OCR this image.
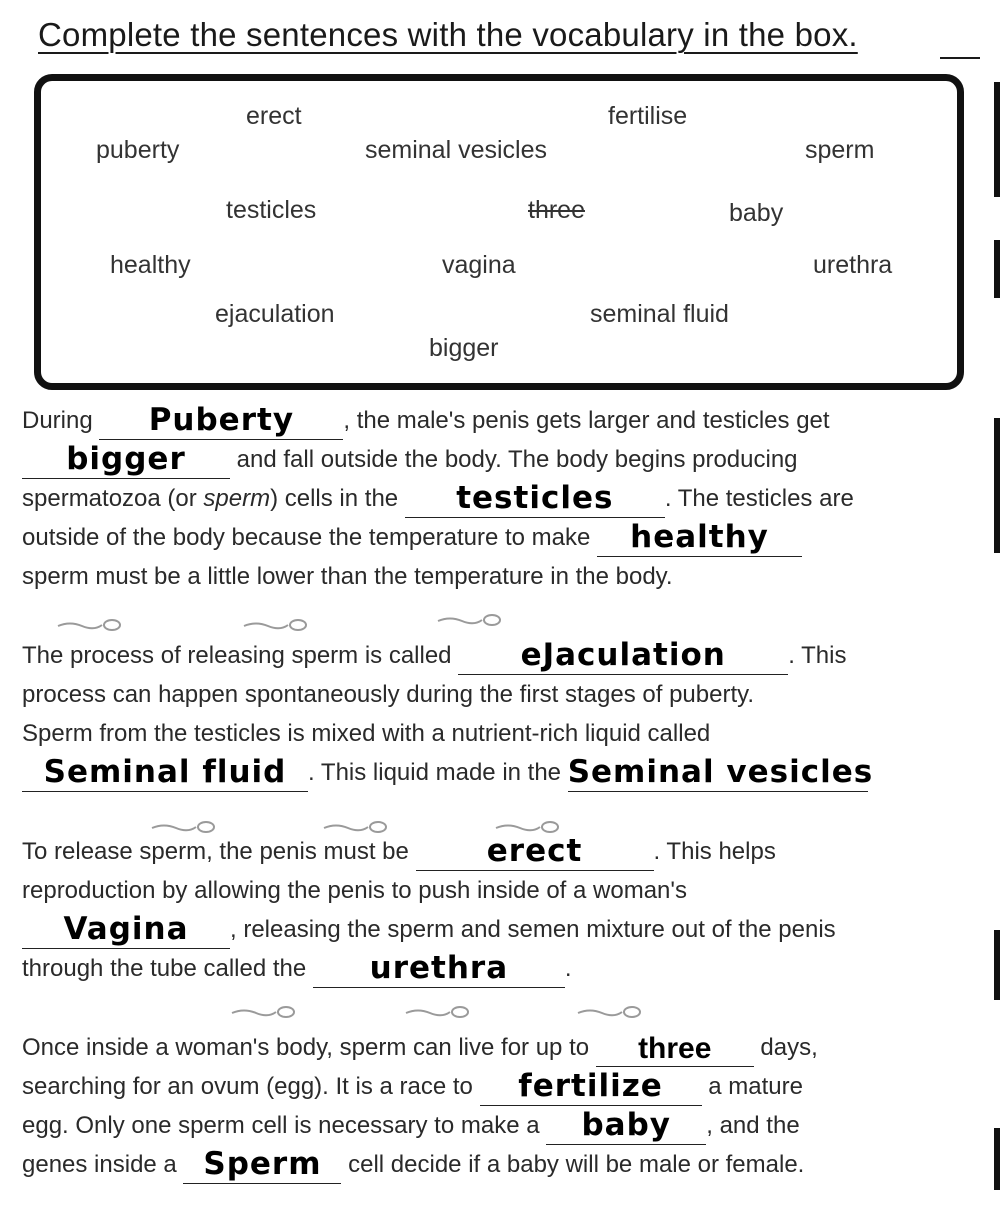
Complete the sentences with the vocabulary in the box.
erect	fertilise
puberty	seminal vesicles	sperm
testicles	three	baby
healthy	vagina	urethra
ejaculation	seminal fluid
bigger
During	Puberty	, the male's penis gets larger and testicles get
bigger	and fall outside the body. The body begins producing
spermatozoa (or sperm) cells in the	testicles	. The testicles are
outside of the body because the temperature to make	healthy
sperm must be a little lower than the temperature in the body.
The process of releasing sperm is called	eJaculation	. This
process can happen spontaneously during the first stages of puberty.
Sperm from the testicles is mixed with a nutrient-rich liquid called
Seminal fluid . This liquid made in the Seminal vesicles
To release sperm, the penis must be	erect	. This helps
reproduction by allowing the penis to push inside of a woman's
Vagina	, releasing the sperm and semen mixture out of the penis
through the tube called the	urethra	.
Once inside a woman's body, sperm can live for up to	three	days,
searching for an ovum (egg). It is a race to	fertilize	a mature
egg. Only one sperm cell is necessary to make a	baby	, and the
genes inside a Sperm cell decide if a baby will be male or female.
